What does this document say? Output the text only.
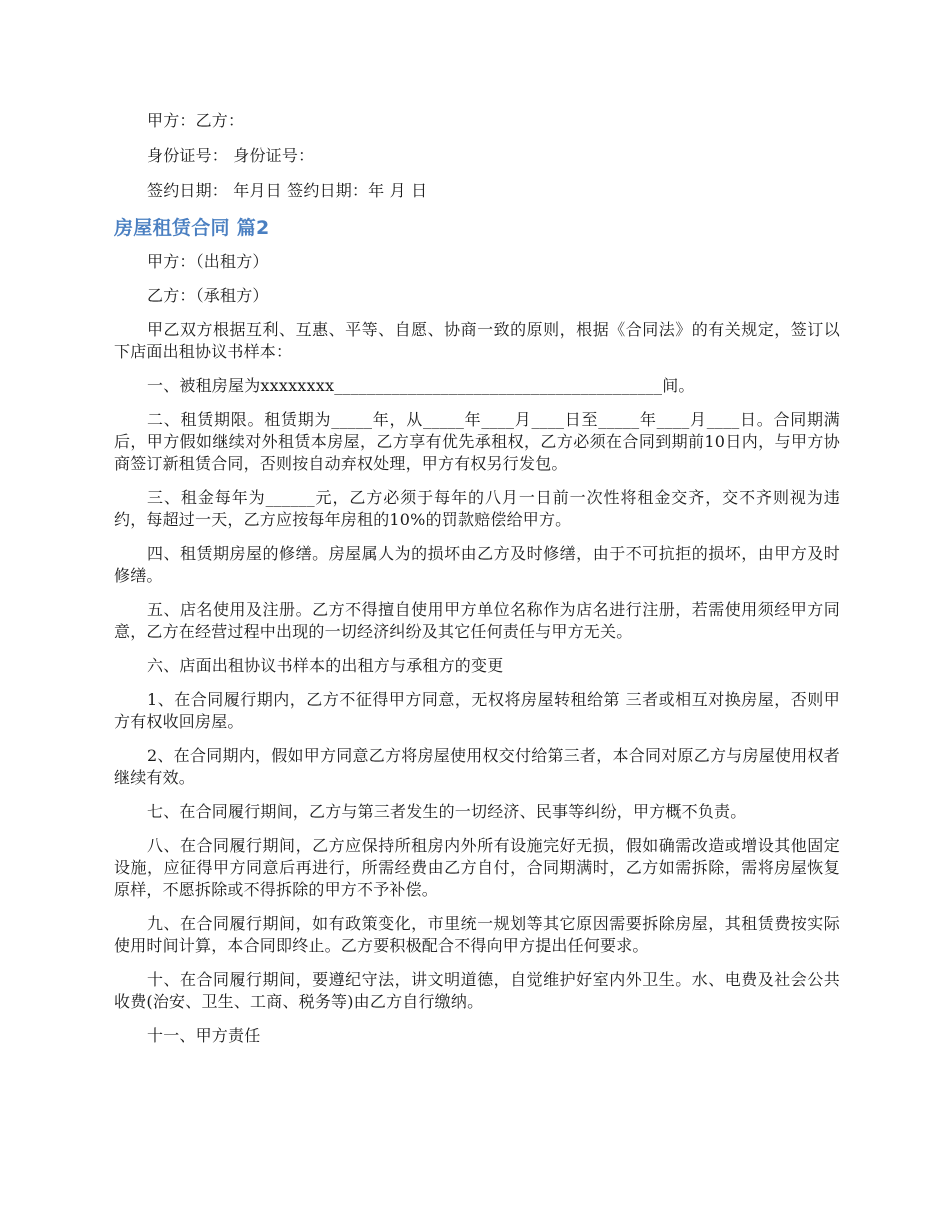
甲方：乙方：

身份证号： 身份证号：

签约日期： 年月日 签约日期：年 月 日

房屋租赁合同 篇2

甲方：（出租方）

乙方：（承租方）

甲乙双方根据互利、互惠、平等、自愿、协商一致的原则，根据《合同法》的有关规定，签订以下店面出租协议书样本：

一、被租房屋为xxxxxxxx________________________________________间。

二、租赁期限。租赁期为_____年，从_____年____月____日至_____年____月____日。合同期满后，甲方假如继续对外租赁本房屋，乙方享有优先承租权，乙方必须在合同到期前10日内，与甲方协商签订新租赁合同，否则按自动弃权处理，甲方有权另行发包。

三、租金每年为______元，乙方必须于每年的八月一日前一次性将租金交齐，交不齐则视为违约，每超过一天，乙方应按每年房租的10%的罚款赔偿给甲方。

四、租赁期房屋的修缮。房屋属人为的损坏由乙方及时修缮，由于不可抗拒的损坏，由甲方及时修缮。

五、店名使用及注册。乙方不得擅自使用甲方单位名称作为店名进行注册，若需使用须经甲方同意，乙方在经营过程中出现的一切经济纠纷及其它任何责任与甲方无关。

六、店面出租协议书样本的出租方与承租方的变更

1、在合同履行期内，乙方不征得甲方同意，无权将房屋转租给第 三者或相互对换房屋，否则甲方有权收回房屋。

2、在合同期内，假如甲方同意乙方将房屋使用权交付给第三者，本合同对原乙方与房屋使用权者继续有效。

七、在合同履行期间，乙方与第三者发生的一切经济、民事等纠纷，甲方概不负责。

八、在合同履行期间，乙方应保持所租房内外所有设施完好无损，假如确需改造或增设其他固定设施，应征得甲方同意后再进行，所需经费由乙方自付，合同期满时，乙方如需拆除，需将房屋恢复原样，不愿拆除或不得拆除的甲方不予补偿。

九、在合同履行期间，如有政策变化，市里统一规划等其它原因需要拆除房屋，其租赁费按实际使用时间计算，本合同即终止。乙方要积极配合不得向甲方提出任何要求。

十、在合同履行期间，要遵纪守法，讲文明道德，自觉维护好室内外卫生。水、电费及社会公共收费(治安、卫生、工商、税务等)由乙方自行缴纳。

十一、甲方责任
